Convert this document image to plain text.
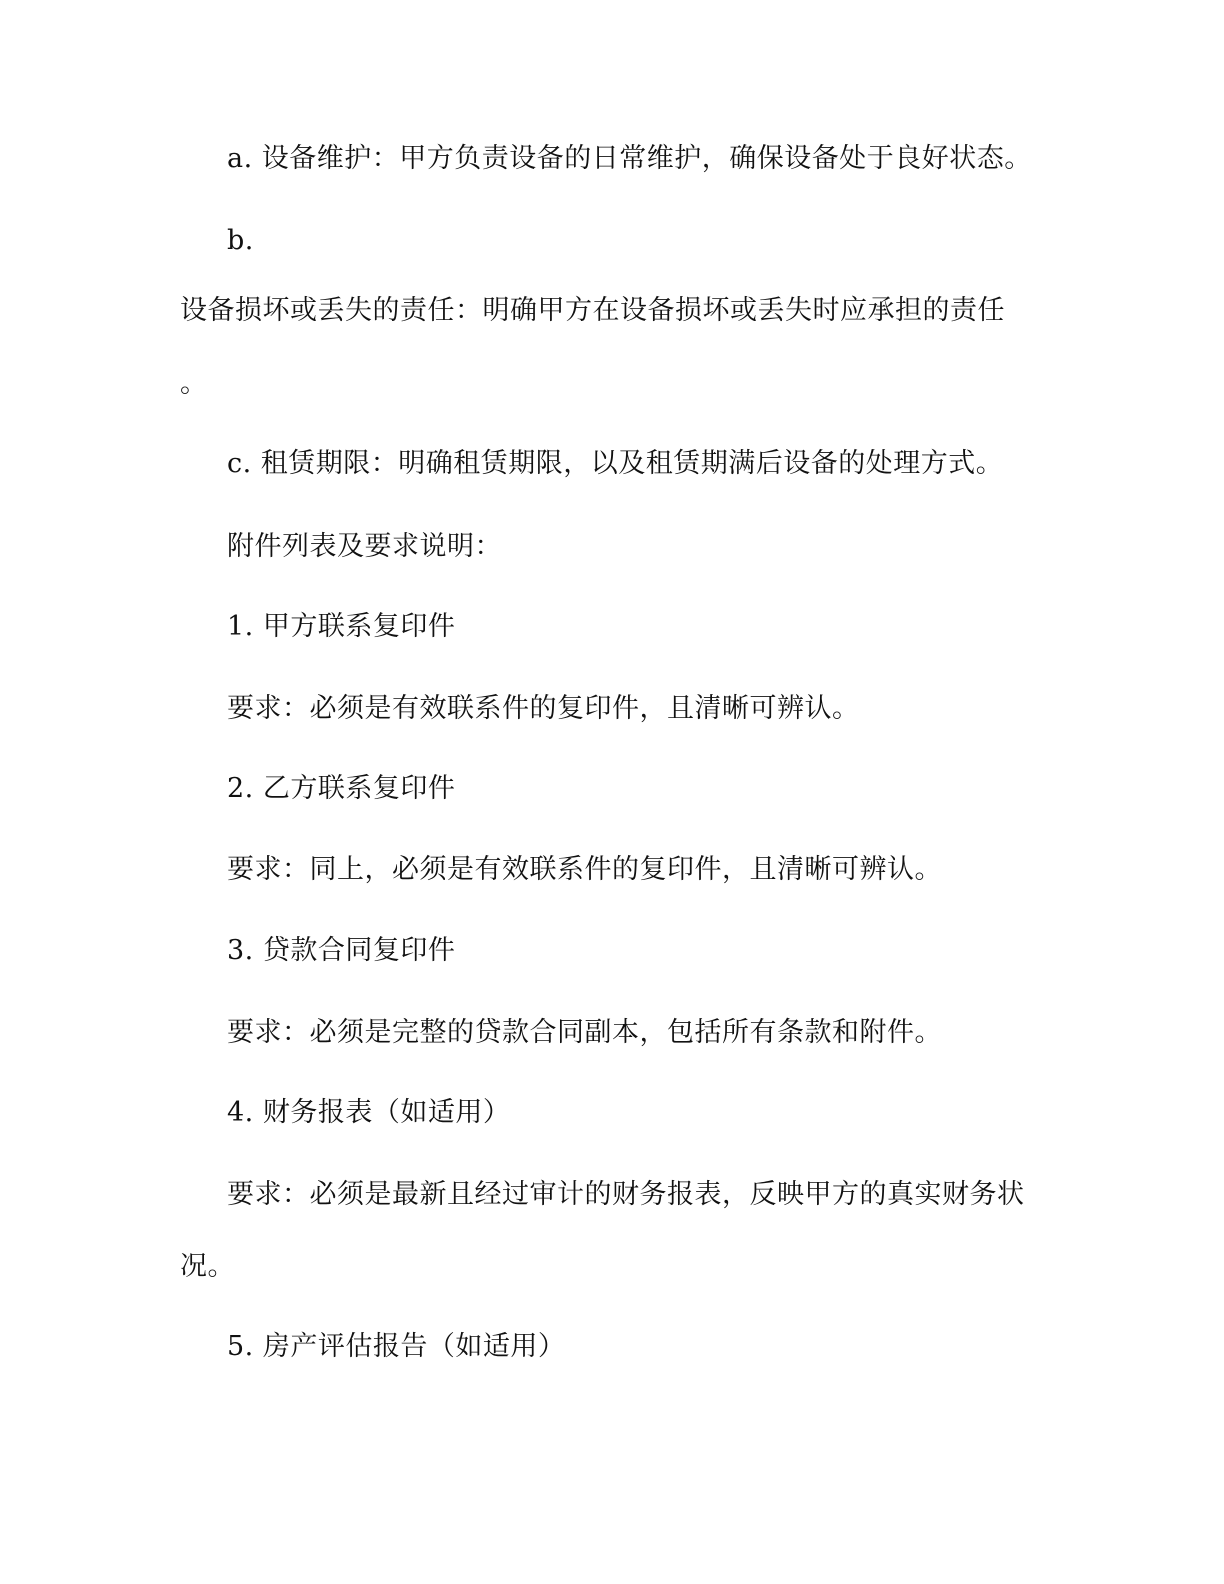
a. 设备维护：甲方负责设备的日常维护，确保设备处于良好状态。
b.
设备损坏或丢失的责任：明确甲方在设备损坏或丢失时应承担的责任
。
c. 租赁期限：明确租赁期限，以及租赁期满后设备的处理方式。
附件列表及要求说明：
1. 甲方联系复印件
要求：必须是有效联系件的复印件，且清晰可辨认。
2. 乙方联系复印件
要求：同上，必须是有效联系件的复印件，且清晰可辨认。
3. 贷款合同复印件
要求：必须是完整的贷款合同副本，包括所有条款和附件。
4. 财务报表（如适用）
要求：必须是最新且经过审计的财务报表，反映甲方的真实财务状
况。
5. 房产评估报告（如适用）
